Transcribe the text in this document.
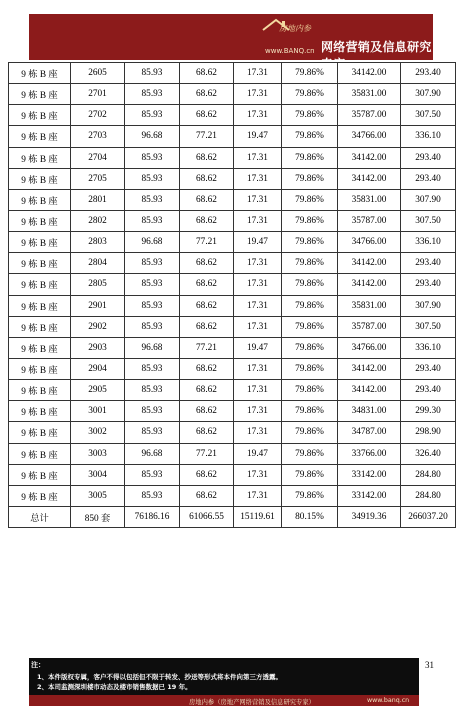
房地内参
www.BANQ.cn 网络营销及信息研究专家
9 栋 B 座	2605	85.93	68.62	17.31	79.86%	34142.00	293.40
9 栋 B 座	2701	85.93	68.62	17.31	79.86%	35831.00	307.90
9 栋 B 座	2702	85.93	68.62	17.31	79.86%	35787.00	307.50
9 栋 B 座	2703	96.68	77.21	19.47	79.86%	34766.00	336.10
9 栋 B 座	2704	85.93	68.62	17.31	79.86%	34142.00	293.40
9 栋 B 座	2705	85.93	68.62	17.31	79.86%	34142.00	293.40
9 栋 B 座	2801	85.93	68.62	17.31	79.86%	35831.00	307.90
9 栋 B 座	2802	85.93	68.62	17.31	79.86%	35787.00	307.50
9 栋 B 座	2803	96.68	77.21	19.47	79.86%	34766.00	336.10
9 栋 B 座	2804	85.93	68.62	17.31	79.86%	34142.00	293.40
9 栋 B 座	2805	85.93	68.62	17.31	79.86%	34142.00	293.40
9 栋 B 座	2901	85.93	68.62	17.31	79.86%	35831.00	307.90
9 栋 B 座	2902	85.93	68.62	17.31	79.86%	35787.00	307.50
9 栋 B 座	2903	96.68	77.21	19.47	79.86%	34766.00	336.10
9 栋 B 座	2904	85.93	68.62	17.31	79.86%	34142.00	293.40
9 栋 B 座	2905	85.93	68.62	17.31	79.86%	34142.00	293.40
9 栋 B 座	3001	85.93	68.62	17.31	79.86%	34831.00	299.30
9 栋 B 座	3002	85.93	68.62	17.31	79.86%	34787.00	298.90
9 栋 B 座	3003	96.68	77.21	19.47	79.86%	33766.00	326.40
9 栋 B 座	3004	85.93	68.62	17.31	79.86%	33142.00	284.80
9 栋 B 座	3005	85.93	68.62	17.31	79.86%	33142.00	284.80
总计	850 套	76186.16	61066.55	15119.61	80.15%	34919.36	266037.20
31
注：
1、本件版权专属，客户不得以包括但不限于转发、抄送等形式将本件向第三方透露。
2、本司监测深圳楼市动态及楼市销售数据已 19 年。
房地内参（房地产网络营销及信息研究专家）	www.banq.cn
